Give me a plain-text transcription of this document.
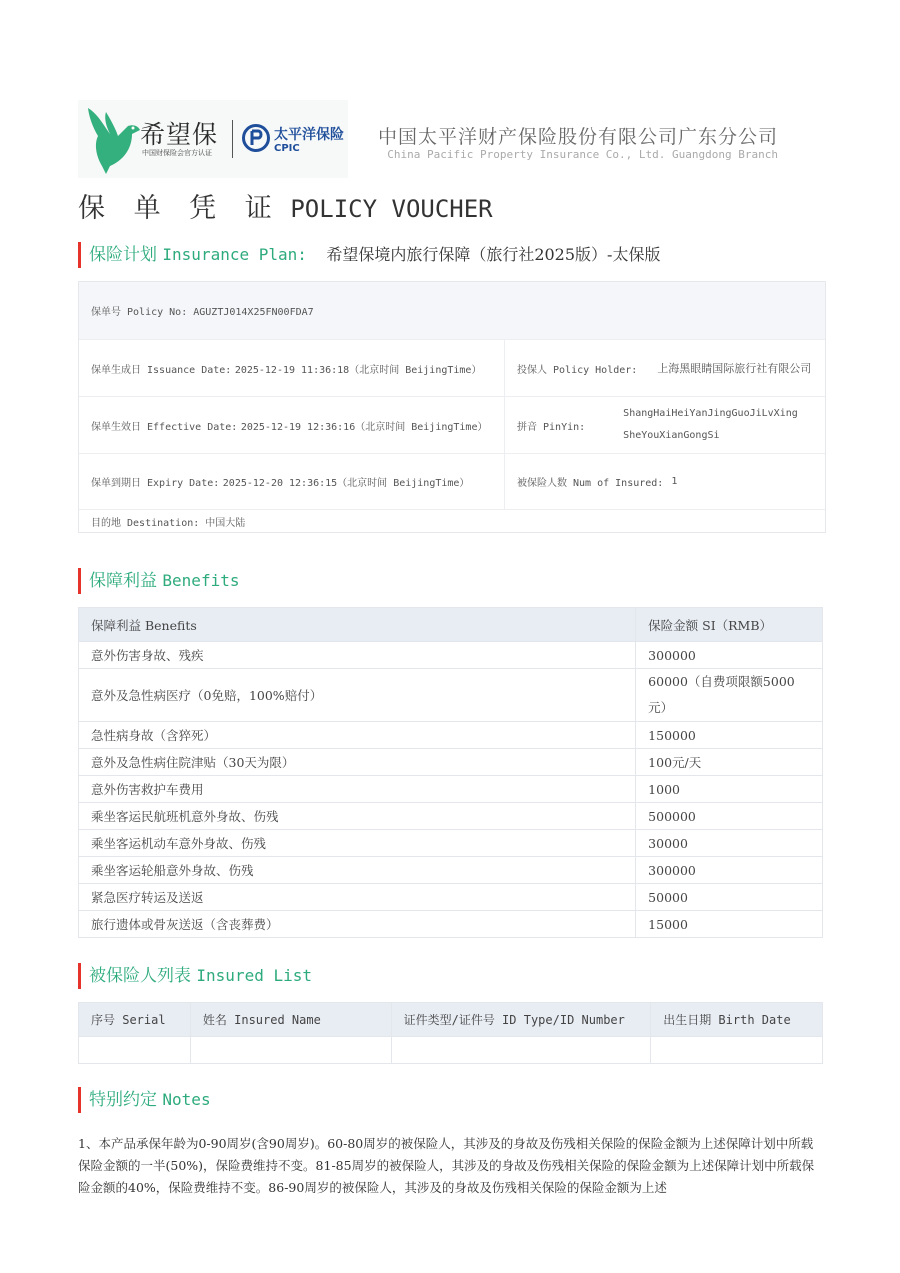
希望保
中国财保险会官方认证
太平洋保险
CPIC
中国太平洋财产保险股份有限公司广东分公司
China Pacific Property Insurance Co., Ltd. Guangdong Branch
保 单 凭 证 POLICY VOUCHER
保险计划 Insurance Plan: 希望保境内旅行保障（旅行社2025版）-太保版
保单号 Policy No: AGUZTJ014X25FN00FDA7
保单生成日 Issuance Date:
2025-12-19 11:36:18（北京时间 BeijingTime）	投保人 Policy Holder: 上海黑眼睛国际旅行社有限公司
保单生效日 Effective Date:
2025-12-19 12:36:16（北京时间 BeijingTime）	拼音 PinYin:
ShangHaiHeiYanJingGuoJiLvXing
SheYouXianGongSi
保单到期日 Expiry Date:
2025-12-20 12:36:15（北京时间 BeijingTime）	被保险人数 Num of Insured: 1
目的地 Destination: 中国大陆
保障利益 Benefits
保障利益 Benefits	保险金额 SI（RMB）
意外伤害身故、残疾	300000
意外及急性病医疗（0免赔，100%赔付）	60000（自费项限额5000
元）
急性病身故（含猝死）	150000
意外及急性病住院津贴（30天为限）	100元/天
意外伤害救护车费用	1000
乘坐客运民航班机意外身故、伤残	500000
乘坐客运机动车意外身故、伤残	30000
乘坐客运轮船意外身故、伤残	300000
紧急医疗转运及送返	50000
旅行遗体或骨灰送返（含丧葬费）	15000
被保险人列表 Insured List
序号 Serial	姓名 Insured Name	证件类型/证件号 ID Type/ID Number	出生日期 Birth Date

特别约定 Notes
1、本产品承保年龄为0-90周岁(含90周岁)。60-80周岁的被保险人，其涉及的身故及伤残相关保险的保险金额为上述保障计划中所载保险金额的一半(50%)，保险费维持不变。81-85周岁的被保险人，其涉及的身故及伤残相关保险的保险金额为上述保障计划中所载保险金额的40%，保险费维持不变。86-90周岁的被保险人，其涉及的身故及伤残相关保险的保险金额为上述
